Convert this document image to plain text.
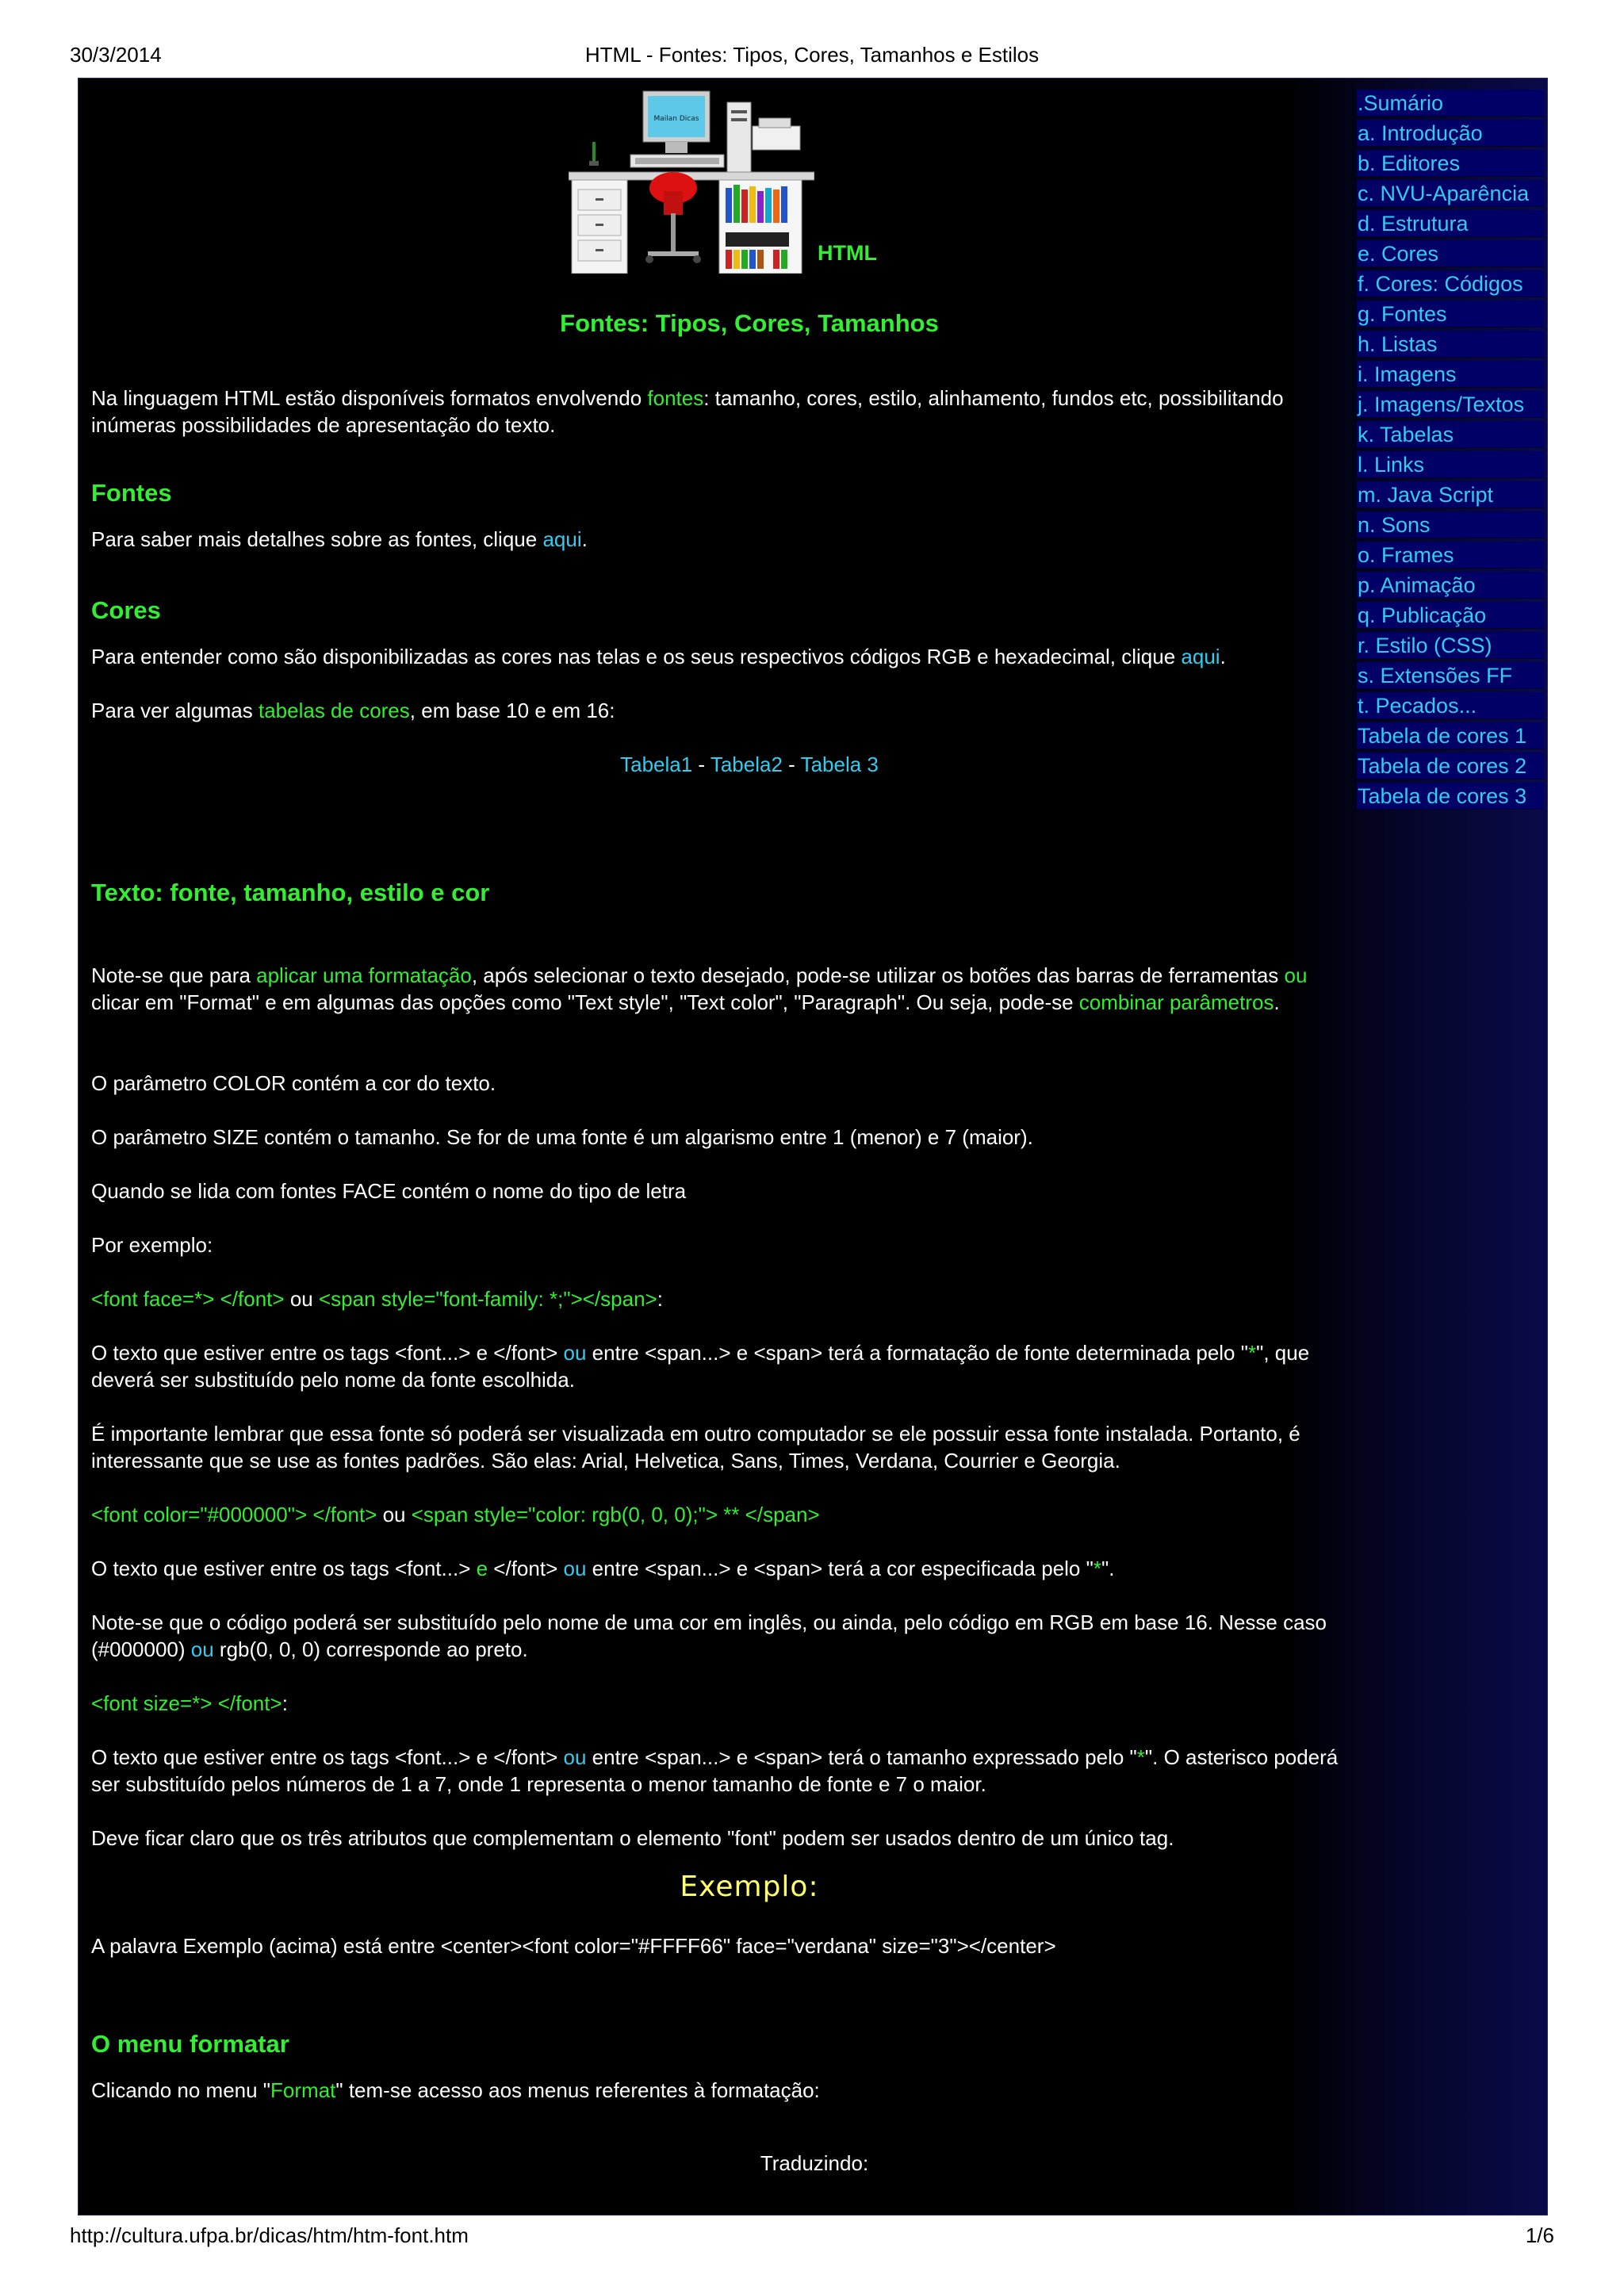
30/3/2014	HTML - Fontes: Tipos, Cores, Tamanhos e Estilos
Mailan Dicas
HTML
Fontes: Tipos, Cores, Tamanhos

Na linguagem HTML estão disponíveis formatos envolvendo fontes: tamanho, cores, estilo, alinhamento, fundos etc, possibilitando inúmeras possibilidades de apresentação do texto.

Fontes

Para saber mais detalhes sobre as fontes, clique aqui.

Cores

Para entender como são disponibilizadas as cores nas telas e os seus respectivos códigos RGB e hexadecimal, clique aqui.

Para ver algumas tabelas de cores, em base 10 e em 16:

Tabela1 - Tabela2 - Tabela 3
Texto: fonte, tamanho, estilo e cor

Note-se que para aplicar uma formatação, após selecionar o texto desejado, pode-se utilizar os botões das barras de ferramentas ou clicar em "Format" e em algumas das opções como "Text style", "Text color", "Paragraph". Ou seja, pode-se combinar parâmetros.

O parâmetro COLOR contém a cor do texto.

O parâmetro SIZE contém o tamanho. Se for de uma fonte é um algarismo entre 1 (menor) e 7 (maior).

Quando se lida com fontes FACE contém o nome do tipo de letra

Por exemplo:

<font face=*> </font> ou <span style="font-family: *;"></span>:

O texto que estiver entre os tags <font...> e </font> ou entre <span...> e <span> terá a formatação de fonte determinada pelo "*", que deverá ser substituído pelo nome da fonte escolhida.

É importante lembrar que essa fonte só poderá ser visualizada em outro computador se ele possuir essa fonte instalada. Portanto, é interessante que se use as fontes padrões. São elas: Arial, Helvetica, Sans, Times, Verdana, Courrier e Georgia.

<font color="#000000"> </font> ou <span style="color: rgb(0, 0, 0);"> ** </span>

O texto que estiver entre os tags <font...> e </font> ou entre <span...> e <span> terá a cor especificada pelo "*".

Note-se que o código poderá ser substituído pelo nome de uma cor em inglês, ou ainda, pelo código em RGB em base 16. Nesse caso (#000000) ou rgb(0, 0, 0) corresponde ao preto.

<font size=*> </font>:

O texto que estiver entre os tags <font...> e </font> ou entre <span...> e <span> terá o tamanho expressado pelo "*". O asterisco poderá ser substituído pelos números de 1 a 7, onde 1 representa o menor tamanho de fonte e 7 o maior.

Deve ficar claro que os três atributos que complementam o elemento "font" podem ser usados dentro de um único tag.

Exemplo:

A palavra Exemplo (acima) está entre <center><font color="#FFFF66" face="verdana" size="3"></center>

O menu formatar

Clicando no menu "Format" tem-se acesso aos menus referentes à formatação:

Traduzindo:
.Sumário
a. Introdução
b. Editores
c. NVU-Aparência
d. Estrutura
e. Cores
f. Cores: Códigos
g. Fontes
h. Listas
i. Imagens
j. Imagens/Textos
k. Tabelas
l. Links
m. Java Script
n. Sons
o. Frames
p. Animação
q. Publicação
r. Estilo (CSS)
s. Extensões FF
t. Pecados...
Tabela de cores 1
Tabela de cores 2
Tabela de cores 3
http://cultura.ufpa.br/dicas/htm/htm-font.htm	1/6
